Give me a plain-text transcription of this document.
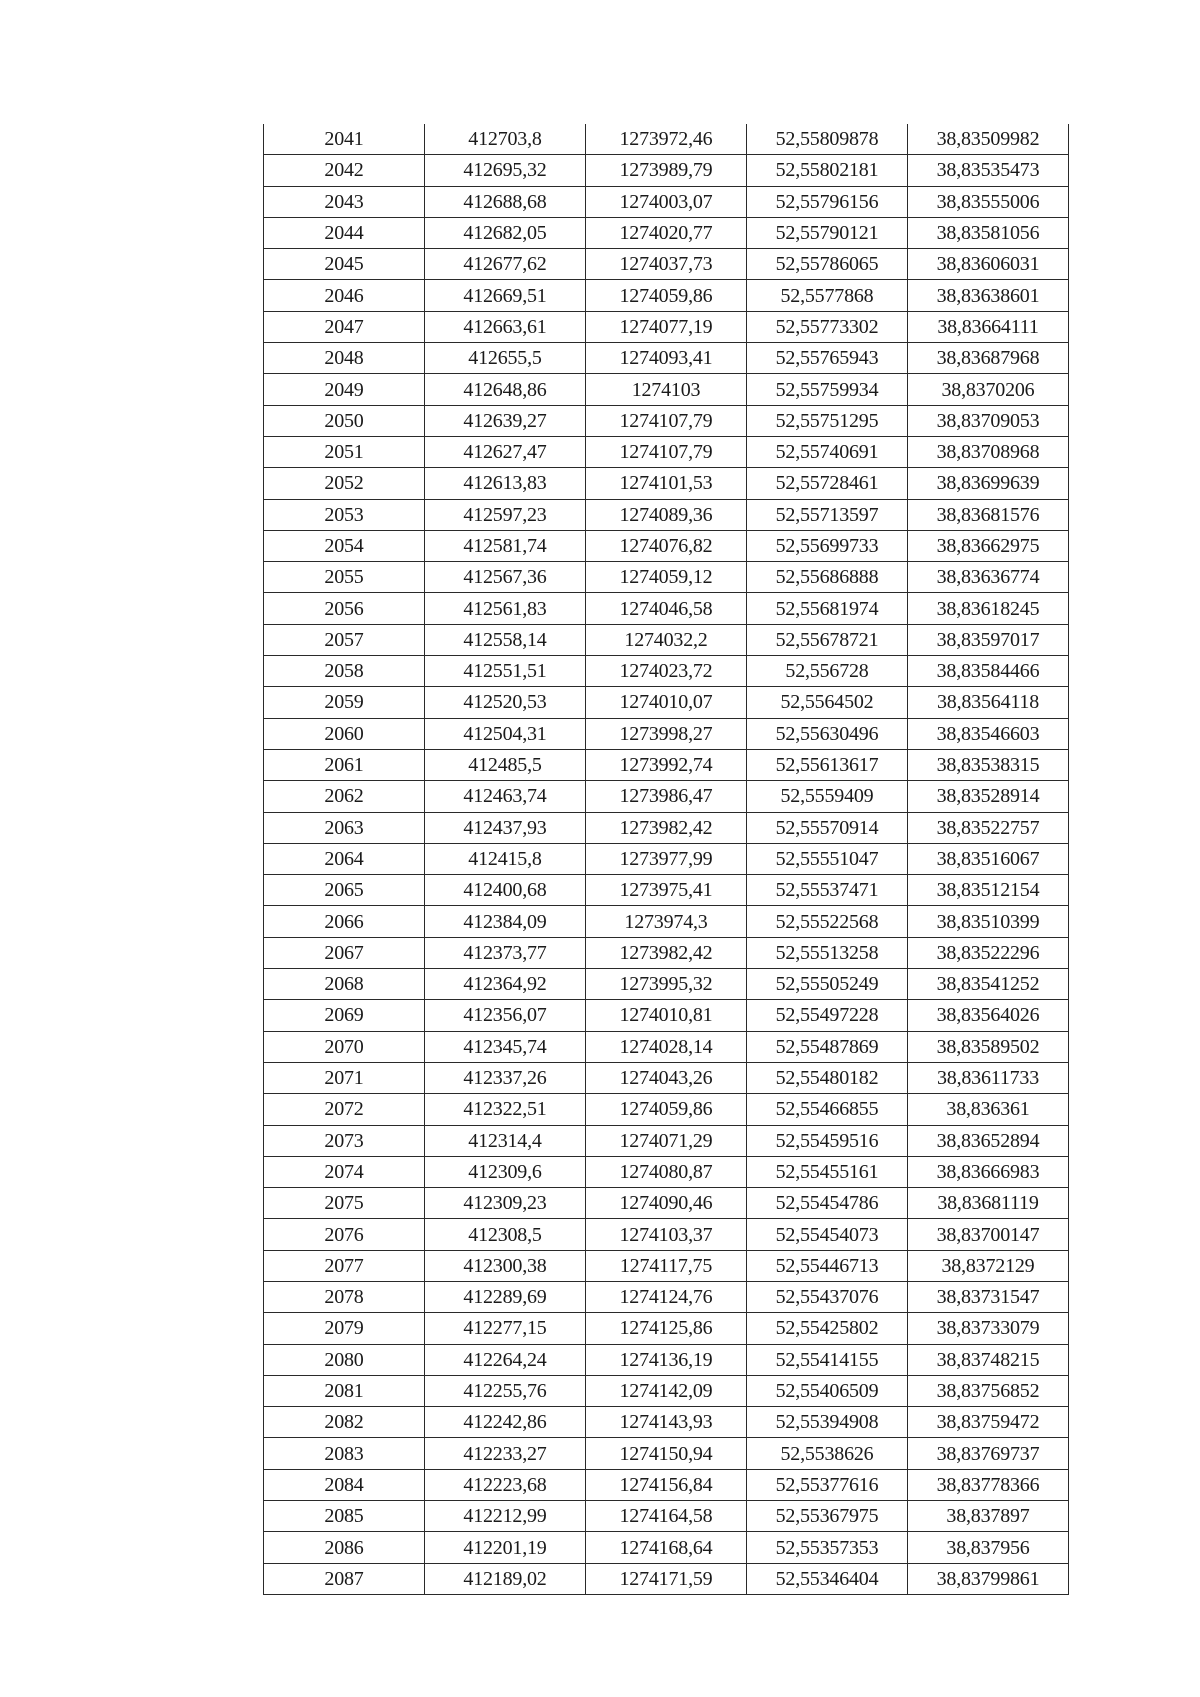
2041	412703,8	1273972,46	52,55809878	38,83509982
2042	412695,32	1273989,79	52,55802181	38,83535473
2043	412688,68	1274003,07	52,55796156	38,83555006
2044	412682,05	1274020,77	52,55790121	38,83581056
2045	412677,62	1274037,73	52,55786065	38,83606031
2046	412669,51	1274059,86	52,5577868	38,83638601
2047	412663,61	1274077,19	52,55773302	38,83664111
2048	412655,5	1274093,41	52,55765943	38,83687968
2049	412648,86	1274103	52,55759934	38,8370206
2050	412639,27	1274107,79	52,55751295	38,83709053
2051	412627,47	1274107,79	52,55740691	38,83708968
2052	412613,83	1274101,53	52,55728461	38,83699639
2053	412597,23	1274089,36	52,55713597	38,83681576
2054	412581,74	1274076,82	52,55699733	38,83662975
2055	412567,36	1274059,12	52,55686888	38,83636774
2056	412561,83	1274046,58	52,55681974	38,83618245
2057	412558,14	1274032,2	52,55678721	38,83597017
2058	412551,51	1274023,72	52,556728	38,83584466
2059	412520,53	1274010,07	52,5564502	38,83564118
2060	412504,31	1273998,27	52,55630496	38,83546603
2061	412485,5	1273992,74	52,55613617	38,83538315
2062	412463,74	1273986,47	52,5559409	38,83528914
2063	412437,93	1273982,42	52,55570914	38,83522757
2064	412415,8	1273977,99	52,55551047	38,83516067
2065	412400,68	1273975,41	52,55537471	38,83512154
2066	412384,09	1273974,3	52,55522568	38,83510399
2067	412373,77	1273982,42	52,55513258	38,83522296
2068	412364,92	1273995,32	52,55505249	38,83541252
2069	412356,07	1274010,81	52,55497228	38,83564026
2070	412345,74	1274028,14	52,55487869	38,83589502
2071	412337,26	1274043,26	52,55480182	38,83611733
2072	412322,51	1274059,86	52,55466855	38,836361
2073	412314,4	1274071,29	52,55459516	38,83652894
2074	412309,6	1274080,87	52,55455161	38,83666983
2075	412309,23	1274090,46	52,55454786	38,83681119
2076	412308,5	1274103,37	52,55454073	38,83700147
2077	412300,38	1274117,75	52,55446713	38,8372129
2078	412289,69	1274124,76	52,55437076	38,83731547
2079	412277,15	1274125,86	52,55425802	38,83733079
2080	412264,24	1274136,19	52,55414155	38,83748215
2081	412255,76	1274142,09	52,55406509	38,83756852
2082	412242,86	1274143,93	52,55394908	38,83759472
2083	412233,27	1274150,94	52,5538626	38,83769737
2084	412223,68	1274156,84	52,55377616	38,83778366
2085	412212,99	1274164,58	52,55367975	38,837897
2086	412201,19	1274168,64	52,55357353	38,837956
2087	412189,02	1274171,59	52,55346404	38,83799861
